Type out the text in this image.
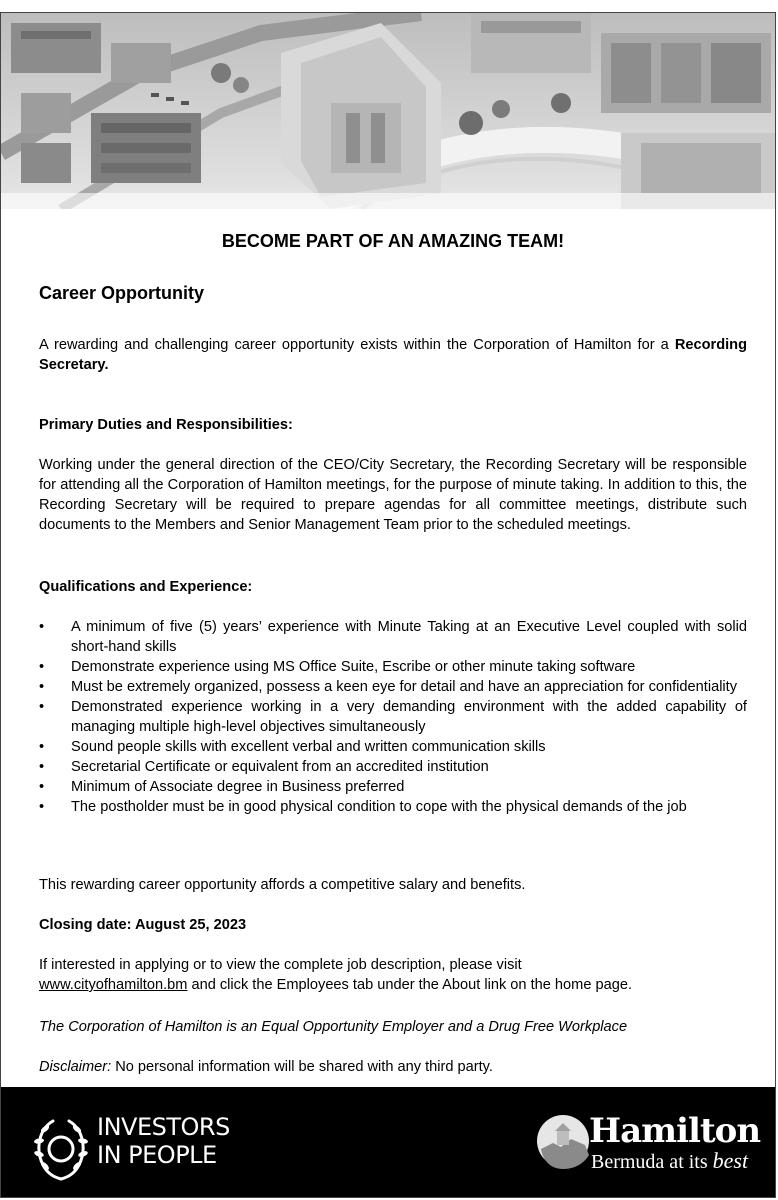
BECOME PART OF AN AMAZING TEAM!
Career Opportunity

A rewarding and challenging career opportunity exists within the Corporation of Hamilton for a Recording Secretary.

Primary Duties and Responsibilities:

Working under the general direction of the CEO/City Secretary, the Recording Secretary will be responsible for attending all the Corporation of Hamilton meetings, for the purpose of minute taking. In addition to this, the Recording Secretary will be required to prepare agendas for all committee meetings, distribute such documents to the Members and Senior Management Team prior to the scheduled meetings.

Qualifications and Experience:

• A minimum of five (5) years’ experience with Minute Taking at an Executive Level coupled with solid short-hand skills
• Demonstrate experience using MS Office Suite, Escribe or other minute taking software
• Must be extremely organized, possess a keen eye for detail and have an appreciation for confidentiality
• Demonstrated experience working in a very demanding environment with the added capability of managing multiple high-level objectives simultaneously
• Sound people skills with excellent verbal and written communication skills
• Secretarial Certificate or equivalent from an accredited institution
• Minimum of Associate degree in Business preferred
• The postholder must be in good physical condition to cope with the physical demands of the job

This rewarding career opportunity affords a competitive salary and benefits.

Closing date: August 25, 2023

If interested in applying or to view the complete job description, please visit
www.cityofhamilton.bm and click the Employees tab under the About link on the home page.

The Corporation of Hamilton is an Equal Opportunity Employer and a Drug Free Workplace

Disclaimer: No personal information will be shared with any third party.

INVESTORS
IN PEOPLE
Hamilton
Bermuda at its best
